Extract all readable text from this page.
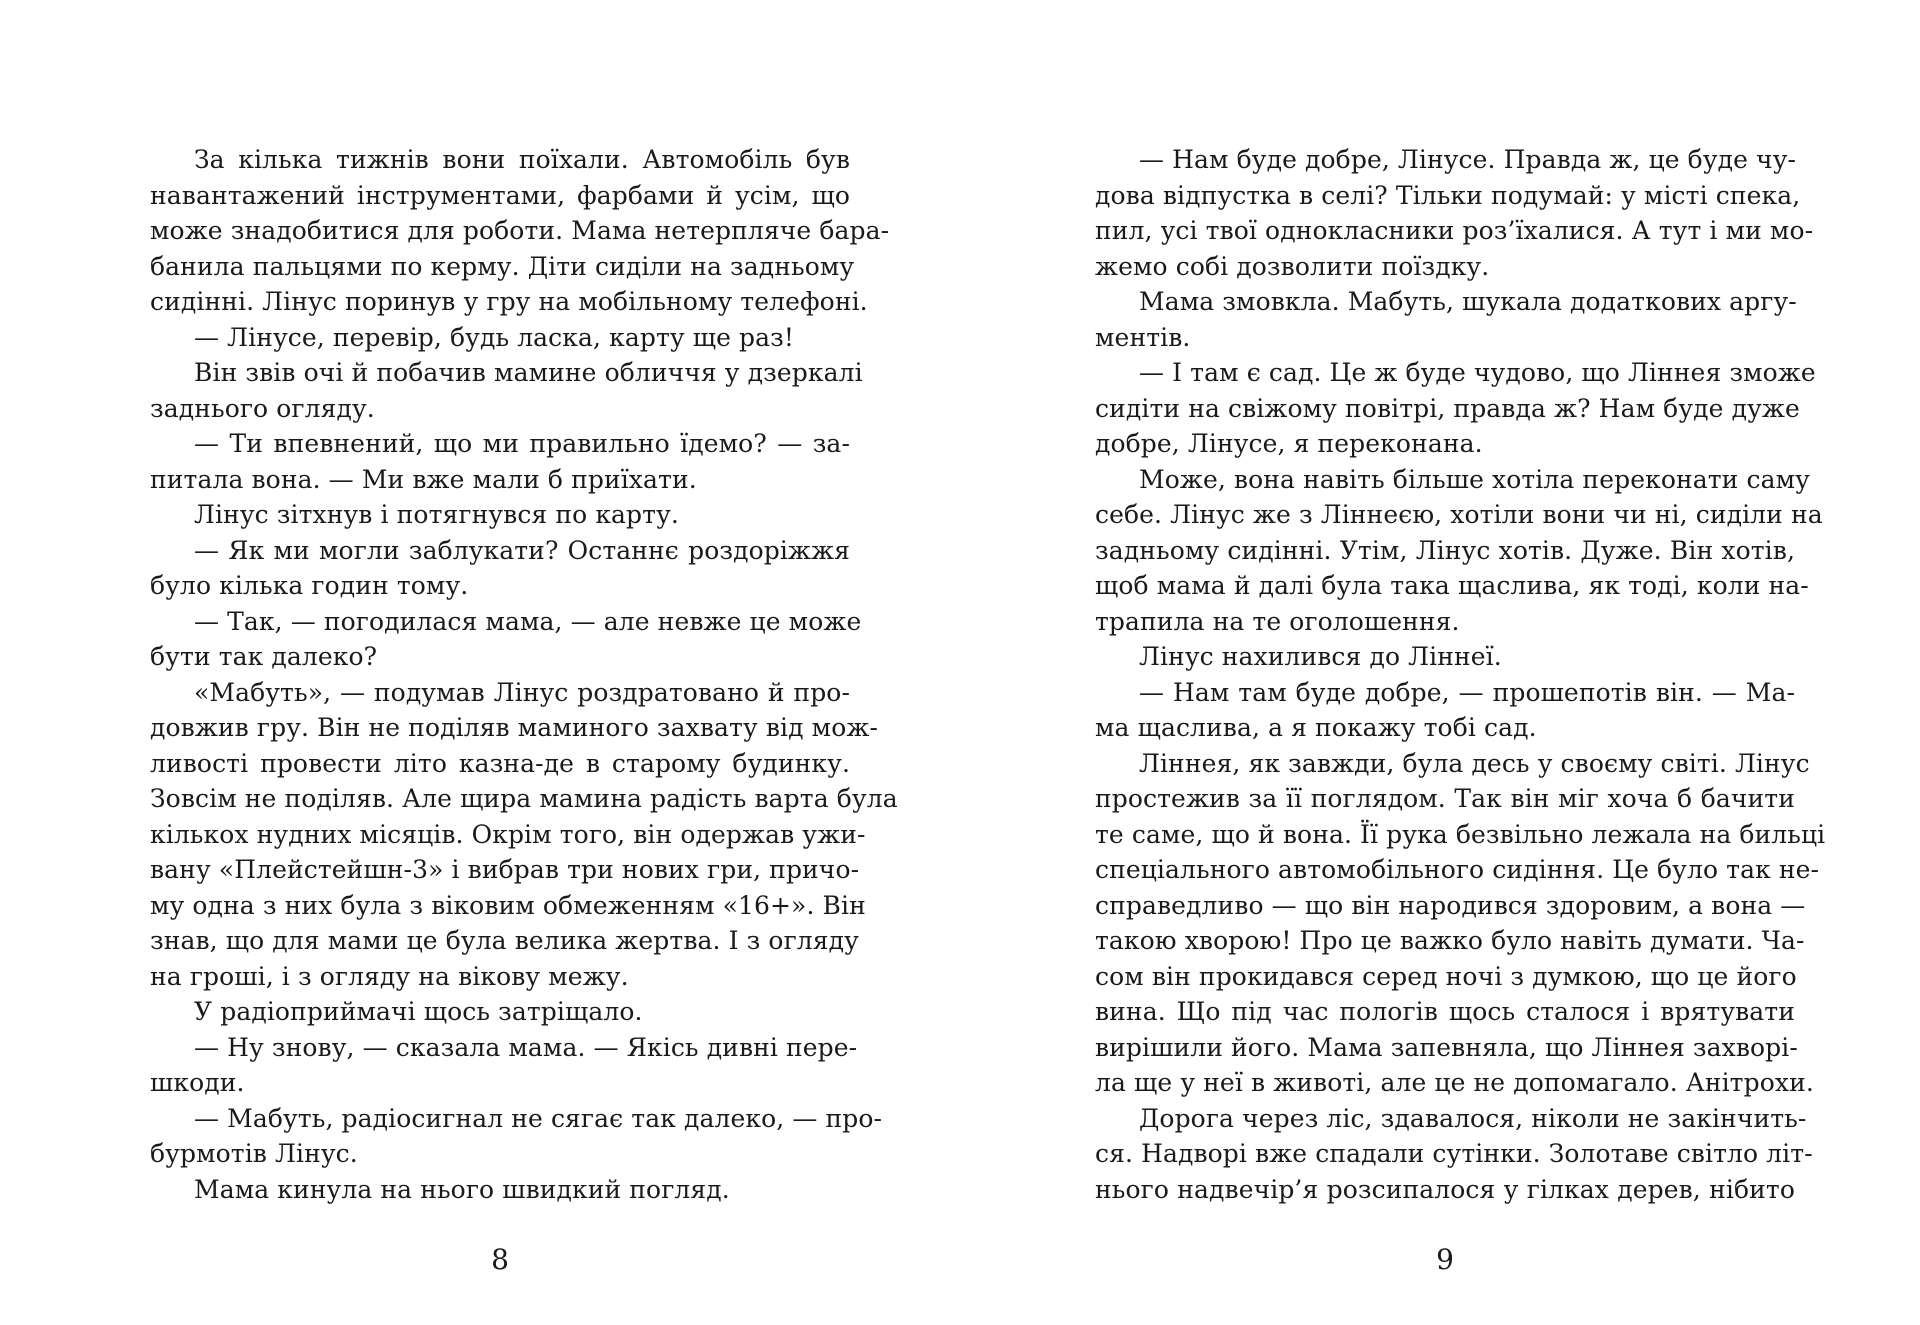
За кілька тижнів вони поїхали. Автомобіль був
навантажений інструментами, фарбами й усім, що
може знадобитися для роботи. Мама нетерпляче бара-
банила пальцями по керму. Діти сиділи на задньому
сидінні. Лінус поринув у гру на мобільному телефоні.
— Лінусе, перевір, будь ласка, карту ще раз!
Він звів очі й побачив мамине обличчя у дзеркалі
заднього огляду.
— Ти впевнений, що ми правильно їдемо? — за-
питала вона. — Ми вже мали б приїхати.
Лінус зітхнув і потягнувся по карту.
— Як ми могли заблукати? Останнє роздоріжжя
було кілька годин тому.
— Так, — погодилася мама, — але невже це може
бути так далеко?
«Мабуть», — подумав Лінус роздратовано й про-
довжив гру. Він не поділяв маминого захвату від мож-
ливості провести літо казна-де в старому будинку.
Зовсім не поділяв. Але щира мамина радість варта була
кількох нудних місяців. Окрім того, він одержав ужи-
вану «Плейстейшн-3» і вибрав три нових гри, причо-
му одна з них була з віковим обмеженням «16+». Він
знав, що для мами це була велика жертва. І з огляду
на гроші, і з огляду на вікову межу.
У радіоприймачі щось затріщало.
— Ну знову, — сказала мама. — Якісь дивні пере-
шкоди.
— Мабуть, радіосигнал не сягає так далеко, — про-
бурмотів Лінус.
Мама кинула на нього швидкий погляд.
8
— Нам буде добре, Лінусе. Правда ж, це буде чу-
дова відпустка в селі? Тільки подумай: у місті спека,
пил, усі твої однокласники роз’їхалися. А тут і ми мо-
жемо собі дозволити поїздку.
Мама змовкла. Мабуть, шукала додаткових аргу-
ментів.
— І там є сад. Це ж буде чудово, що Ліннея зможе
сидіти на свіжому повітрі, правда ж? Нам буде дуже
добре, Лінусе, я переконана.
Може, вона навіть більше хотіла переконати саму
себе. Лінус же з Ліннеєю, хотіли вони чи ні, сиділи на
задньому сидінні. Утім, Лінус хотів. Дуже. Він хотів,
щоб мама й далі була така щаслива, як тоді, коли на-
трапила на те оголошення.
Лінус нахилився до Ліннеї.
— Нам там буде добре, — прошепотів він. — Ма-
ма щаслива, а я покажу тобі сад.
Ліннея, як завжди, була десь у своєму світі. Лінус
простежив за її поглядом. Так він міг хоча б бачити
те саме, що й вона. Її рука безвільно лежала на бильці
спеціального автомобільного сидіння. Це було так не-
справедливо — що він народився здоровим, а вона —
такою хворою! Про це важко було навіть думати. Ча-
сом він прокидався серед ночі з думкою, що це його
вина. Що під час пологів щось сталося і врятувати
вирішили його. Мама запевняла, що Ліннея захворі-
ла ще у неї в животі, але це не допомагало. Анітрохи.
Дорога через ліс, здавалося, ніколи не закінчить-
ся. Надворі вже спадали сутінки. Золотаве світло літ-
нього надвечір’я розсипалося у гілках дерев, нібито
9
